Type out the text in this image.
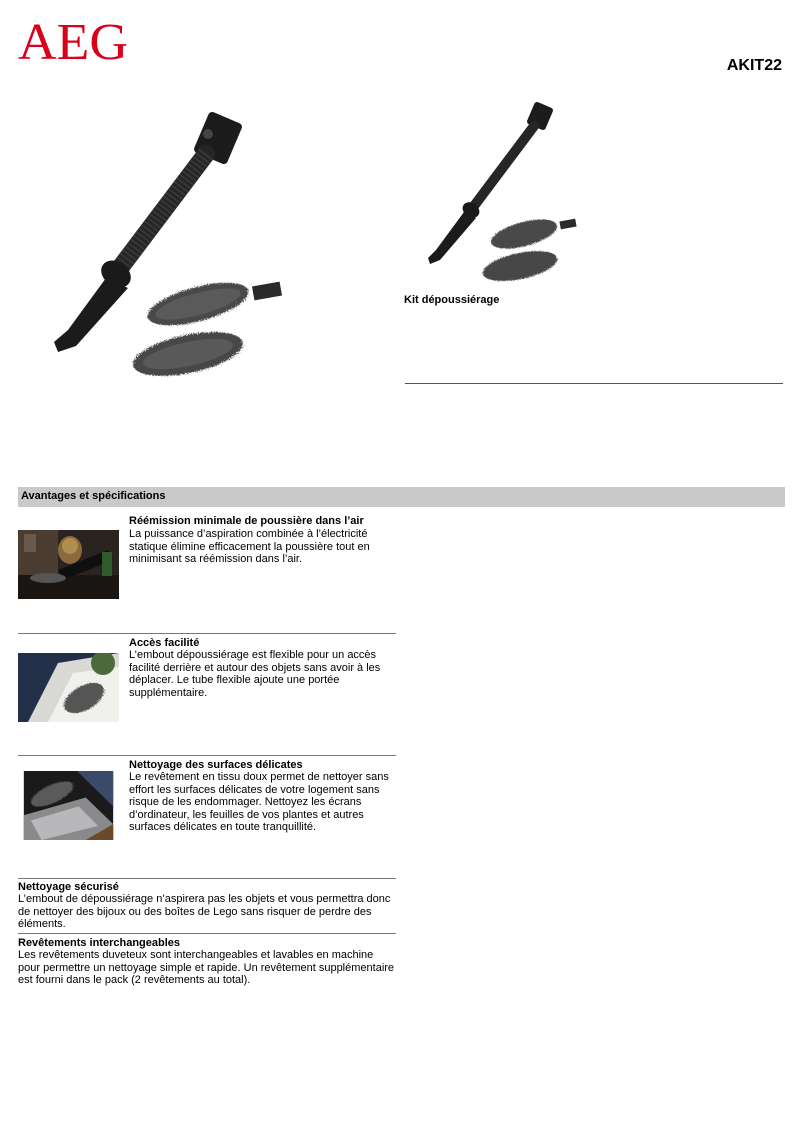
AEG	AKIT22
Kit dépoussiérage
Avantages et spécifications
Réémission minimale de poussière dans l’air
La puissance d’aspiration combinée à l’électricité statique élimine efficacement la poussière tout en minimisant sa réémission dans l’air.
Accès facilité
L’embout dépoussiérage est flexible pour un accès facilité derrière et autour des objets sans avoir à les déplacer. Le tube flexible ajoute une portée supplémentaire.
Nettoyage des surfaces délicates
Le revêtement en tissu doux permet de nettoyer sans effort les surfaces délicates de votre logement sans risque de les endommager. Nettoyez les écrans d’ordinateur, les feuilles de vos plantes et autres surfaces délicates en toute tranquillité.
Nettoyage sécurisé
L’embout de dépoussiérage n’aspirera pas les objets et vous permettra donc de nettoyer des bijoux ou des boîtes de Lego sans risquer de perdre des éléments.
Revêtements interchangeables
Les revêtements duveteux sont interchangeables et lavables en machine pour permettre un nettoyage simple et rapide. Un revêtement supplémentaire est fourni dans le pack (2 revêtements au total).
